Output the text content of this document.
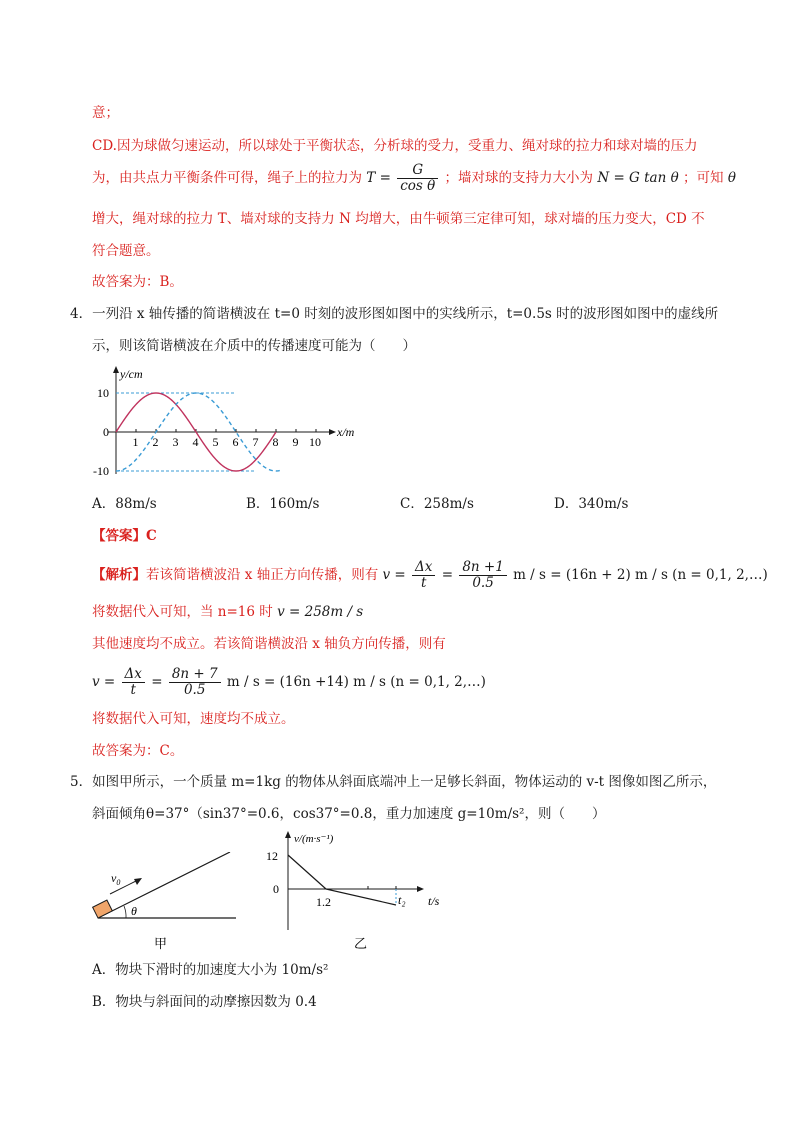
意；
CD.因为球做匀速运动，所以球处于平衡状态，分析球的受力，受重力、绳对球的拉力和球对墙的压力
为，由共点力平衡条件可得，绳子上的拉力为 $T = \frac{G}{\text{cos θ}}$ ；墙对球的支持力大小为 N = G tan θ ；可知 θ
增大，绳对球的拉力 T、墙对球的支持力 N 均增大，由牛顿第三定律可知，球对墙的压力变大，CD 不
符合题意。
故答案为：B。
4．一列沿 x 轴传播的简谐横波在 t=0 时刻的波形图如图中的实线所示，t=0.5s 时的波形图如图中的虚线所
示，则该简谐横波在介质中的传播速度可能为（　　）
y/cm
x/m
10
0
-10
1 2 3 4 5 6 7 8 9 10
A．88m/s	B．160m/s	C．258m/s	D．340m/s
【答案】C
【解析】若该简谐横波沿 x 轴正方向传播，则有 $v = \frac{\Delta x}{t} = \frac{8n +1}{0.5}$ m / s = (16n + 2) m / s (n = 0,1, 2,…)
将数据代入可知，当 n=16 时 v = 258m / s
其他速度均不成立。若该简谐横波沿 x 轴负方向传播，则有
$v = \frac{\Delta x}{t} = \frac{8n + 7}{0.5}$ m / s = (16n +14) m / s (n = 0,1, 2,…)
将数据代入可知，速度均不成立。
故答案为：C。
5．如图甲所示，一个质量 m=1kg 的物体从斜面底端冲上一足够长斜面，物体运动的 v-t 图像如图乙所示，
斜面倾角θ=37°（sin37°=0.6，cos37°=0.8，重力加速度 g=10m/s²，则（　　）
$v_0$
θ
甲
v/(m·s⁻¹)
12
0
1.2	t₂ t/s
乙
A．物块下滑时的加速度大小为 10m/s²
B．物块与斜面间的动摩擦因数为 0.4
